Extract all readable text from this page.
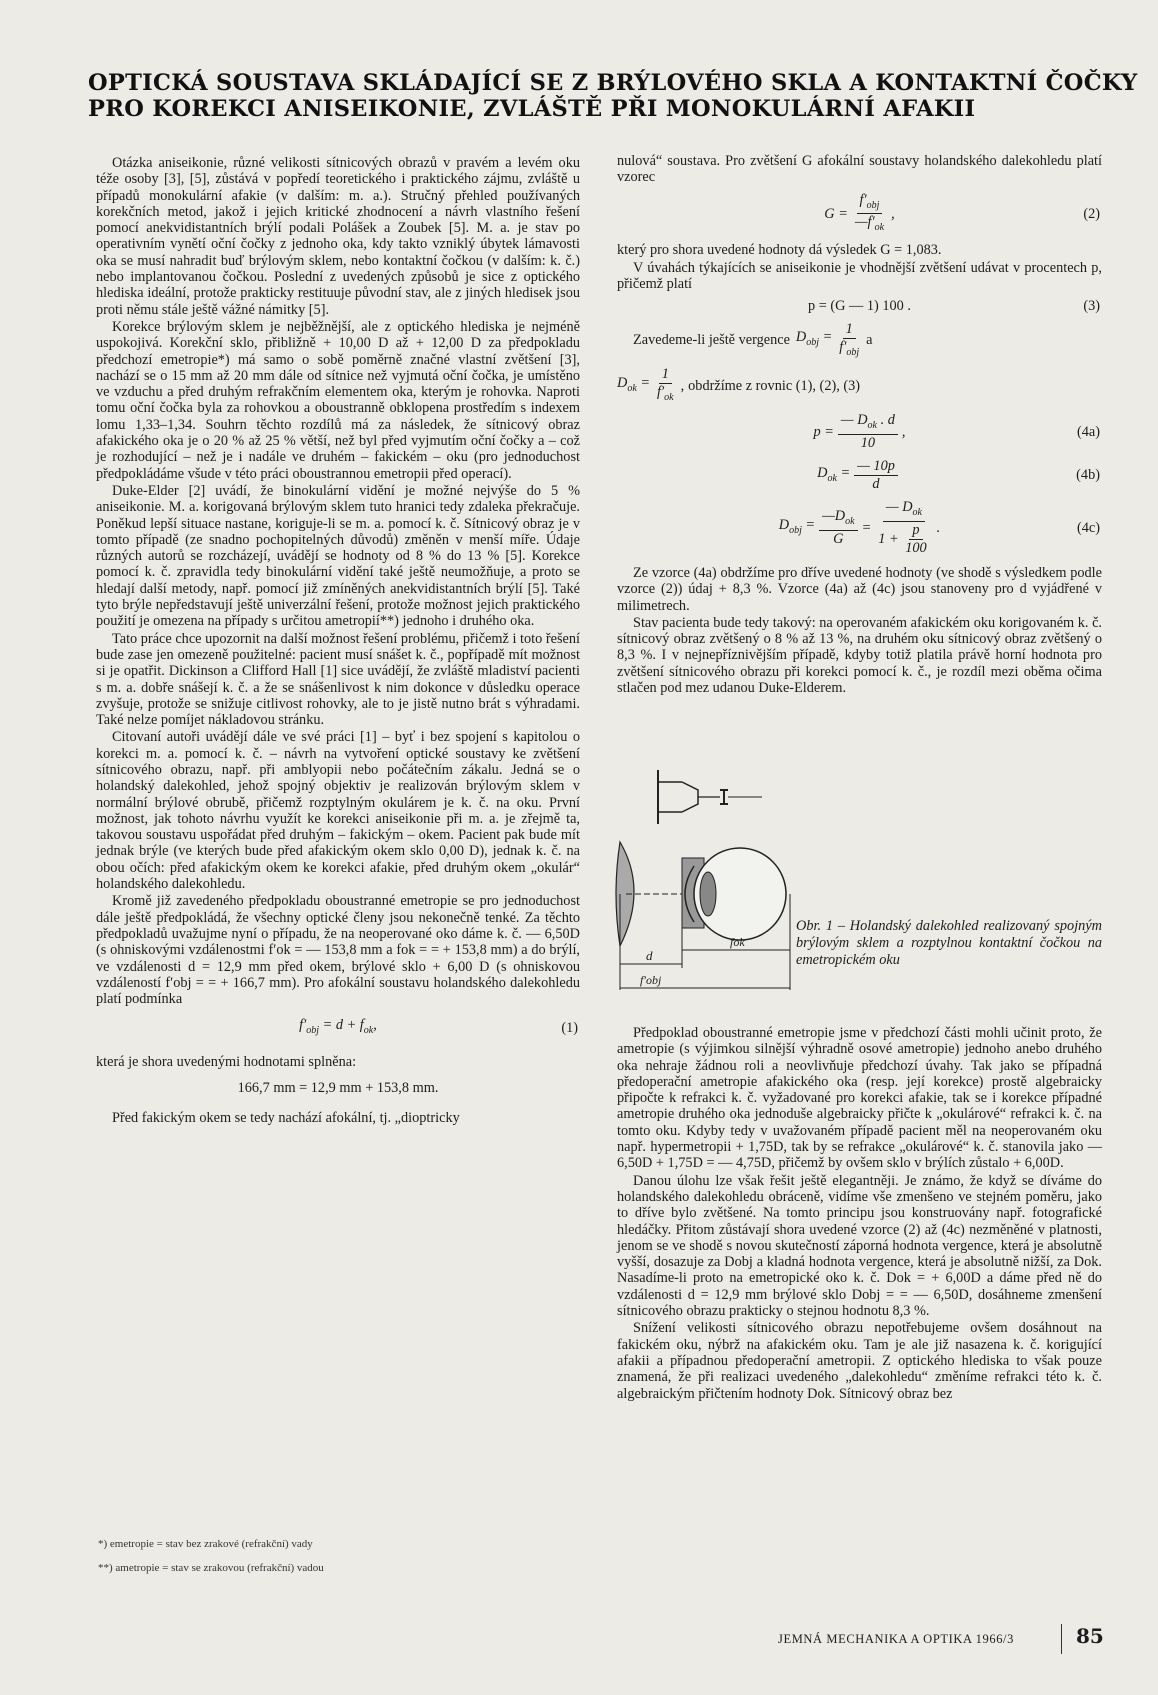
OPTICKÁ SOUSTAVA SKLÁDAJÍCÍ SE Z BRÝLOVÉHO SKLA A KONTAKTNÍ ČOČKY
PRO KOREKCI ANISEIKONIE, ZVLÁŠTĚ PŘI MONOKULÁRNÍ AFAKII

Otázka aniseikonie, různé velikosti sítnicových obrazů v pravém a levém oku téže osoby [3], [5], zůstává v popředí teoretického i praktického zájmu, zvláště u případů monokulární afakie (v dalším: m. a.). Stručný přehled používaných korekčních metod, jakož i jejich kritické zhodnocení a návrh vlastního řešení pomocí anekvidistantních brýlí podali Polášek a Zoubek [5]. M. a. je stav po operativním vynětí oční čočky z jednoho oka, kdy takto vzniklý úbytek lámavosti oka se musí nahradit buď brýlovým sklem, nebo kontaktní čočkou (v dalším: k. č.) nebo implantovanou čočkou. Poslední z uvedených způsobů je sice z optického hlediska ideální, protože prakticky restituuje původní stav, ale z jiných hledisek jsou proti němu stále ještě vážné námitky [5].

Korekce brýlovým sklem je nejběžnější, ale z optického hlediska je nejméně uspokojivá. Korekční sklo, přibližně + 10,00 D až + 12,00 D za předpokladu předchozí emetropie*) má samo o sobě poměrně značné vlastní zvětšení [3], nachází se o 15 mm až 20 mm dále od sítnice než vyjmutá oční čočka, je umístěno ve vzduchu a před druhým refrakčním elementem oka, kterým je rohovka. Naproti tomu oční čočka byla za rohovkou a oboustranně obklopena prostředím s indexem lomu 1,33–1,34. Souhrn těchto rozdílů má za následek, že sítnicový obraz afakického oka je o 20 % až 25 % větší, než byl před vyjmutím oční čočky a – což je rozhodující – než je i nadále ve druhém – fakickém – oku (pro jednoduchost předpokládáme všude v této práci oboustrannou emetropii před operací).

Duke-Elder [2] uvádí, že binokulární vidění je možné nejvýše do 5 % aniseikonie. M. a. korigovaná brýlovým sklem tuto hranici tedy zdaleka překračuje. Poněkud lepší situace nastane, koriguje-li se m. a. pomocí k. č. Sítnicový obraz je v tomto případě (ze snadno pochopitelných důvodů) změněn v menší míře. Údaje různých autorů se rozcházejí, uvádějí se hodnoty od 8 % do 13 % [5]. Korekce pomocí k. č. zpravidla tedy binokulární vidění také ještě neumožňuje, a proto se hledají další metody, např. pomocí již zmíněných anekvidistantních brýlí [5]. Také tyto brýle nepředstavují ještě univerzální řešení, protože možnost jejich praktického použití je omezena na případy s určitou ametropií**) jednoho i druhého oka.

Tato práce chce upozornit na další možnost řešení problému, přičemž i toto řešení bude zase jen omezeně použitelné: pacient musí snášet k. č., popřípadě mít možnost si je opatřit. Dickinson a Clifford Hall [1] sice uvádějí, že zvláště mladiství pacienti s m. a. dobře snášejí k. č. a že se snášenlivost k nim dokonce v důsledku operace zvyšuje, protože se snižuje citlivost rohovky, ale to je jistě nutno brát s výhradami. Také nelze pomíjet nákladovou stránku.

Citovaní autoři uvádějí dále ve své práci [1] – byť i bez spojení s kapitolou o korekci m. a. pomocí k. č. – návrh na vytvoření optické soustavy ke zvětšení sítnicového obrazu, např. při amblyopii nebo počátečním zákalu. Jedná se o holandský dalekohled, jehož spojný objektiv je realizován brýlovým sklem v normální brýlové obrubě, přičemž rozptylným okulárem je k. č. na oku. První možnost, jak tohoto návrhu využít ke korekci aniseikonie při m. a. je zřejmě ta, takovou soustavu uspořádat před druhým – fakickým – okem. Pacient pak bude mít jednak brýle (ve kterých bude před afakickým okem sklo 0,00 D), jednak k. č. na obou očích: před afakickým okem ke korekci afakie, před druhým okem „okulár“ holandského dalekohledu.

Kromě již zavedeného předpokladu oboustranné emetropie se pro jednoduchost dále ještě předpokládá, že všechny optické členy jsou nekonečně tenké. Za těchto předpokladů uvažujme nyní o případu, že na neoperované oko dáme k. č. — 6,50D (s ohniskovými vzdálenostmi f′ok = — 153,8 mm a fok = = + 153,8 mm) a do brýlí, ve vzdálenosti d = 12,9 mm před okem, brýlové sklo + 6,00 D (s ohniskovou vzdáleností f′obj = = + 166,7 mm). Pro afokální soustavu holandského dalekohledu platí podmínka

$f'_{obj} = d + f_{ok}$,	(1)

která je shora uvedenými hodnotami splněna:

166,7 mm = 12,9 mm + 153,8 mm.

Před fakickým okem se tedy nachází afokální, tj. „dioptricky

*) emetropie = stav bez zrakové (refrakční) vady
**) ametropie = stav se zrakovou (refrakční) vadou

nulová“ soustava. Pro zvětšení G afokální soustavy holandského dalekohledu platí vzorec

$G = \frac{f'_{obj}}{—f'_{ok}}$ ,	(2)

který pro shora uvedené hodnoty dá výsledek G = 1,083.

V úvahách týkajících se aniseikonie je vhodnější zvětšení udávat v procentech p, přičemž platí

p = (G — 1) 100 .	(3)
Zavedeme-li ještě vergence $D_{obj} = \frac{1}{f'_{obj}}$ a
$D_{ok} = \frac{1}{f'_{ok}}$ , obdržíme z rovnic (1), (2), (3)
$p = \frac{— D_{ok} . d}{10}$ ,	(4a)
$D_{ok} = \frac{— 10p}{d}$	(4b)
$D_{obj} = \frac{—D_{ok}}{G} = \frac{— D_{ok}}{1 + \frac{p}{100}}$ .	(4c)

Ze vzorce (4a) obdržíme pro dříve uvedené hodnoty (ve shodě s výsledkem podle vzorce (2)) údaj + 8,3 %. Vzorce (4a) až (4c) jsou stanoveny pro d vyjádřené v milimetrech.

Stav pacienta bude tedy takový: na operovaném afakickém oku korigovaném k. č. sítnicový obraz zvětšený o 8 % až 13 %, na druhém oku sítnicový obraz zvětšený o 8,3 %. I v nejnepříznivějším případě, kdyby totiž platila právě horní hodnota pro zvětšení sítnicového obrazu při korekci pomocí k. č., je rozdíl mezi oběma očima stlačen pod mez udanou Duke-Elderem.

d
fok
f′obj
Obr. 1 – Holandský dalekohled realizovaný spojným brýlovým sklem a rozptylnou kontaktní čočkou na emetropickém oku

Předpoklad oboustranné emetropie jsme v předchozí části mohli učinit proto, že ametropie (s výjimkou silnější výhradně osové ametropie) jednoho anebo druhého oka nehraje žádnou roli a neovlivňuje předchozí úvahy. Tak jako se případná předoperační ametropie afakického oka (resp. její korekce) prostě algebraicky připočte k refrakci k. č. vyžadované pro korekci afakie, tak se i korekce případné ametropie druhého oka jednoduše algebraicky přičte k „okulárové“ refrakci k. č. na tomto oku. Kdyby tedy v uvažovaném případě pacient měl na neoperovaném oku např. hypermetropii + 1,75D, tak by se refrakce „okulárové“ k. č. stanovila jako — 6,50D + 1,75D = — 4,75D, přičemž by ovšem sklo v brýlích zůstalo + 6,00D.

Danou úlohu lze však řešit ještě elegantněji. Je známo, že když se díváme do holandského dalekohledu obráceně, vidíme vše zmenšeno ve stejném poměru, jako to dříve bylo zvětšené. Na tomto principu jsou konstruovány např. fotografické hledáčky. Přitom zůstávají shora uvedené vzorce (2) až (4c) nezměněné v platnosti, jenom se ve shodě s novou skutečností záporná hodnota vergence, která je absolutně vyšší, dosazuje za Dobj a kladná hodnota vergence, která je absolutně nižší, za Dok. Nasadíme-li proto na emetropické oko k. č. Dok = + 6,00D a dáme před ně do vzdálenosti d = 12,9 mm brýlové sklo Dobj = = — 6,50D, dosáhneme zmenšení sítnicového obrazu prakticky o stejnou hodnotu 8,3 %.

Snížení velikosti sítnicového obrazu nepotřebujeme ovšem dosáhnout na fakickém oku, nýbrž na afakickém oku. Tam je ale již nasazena k. č. korigující afakii a případnou předoperační ametropii. Z optického hlediska to však pouze znamená, že při realizaci uvedeného „dalekohledu“ změníme refrakci této k. č. algebraickým přičtením hodnoty Dok. Sítnicový obraz bez

JEMNÁ MECHANIKA A OPTIKA 1966/3	85
